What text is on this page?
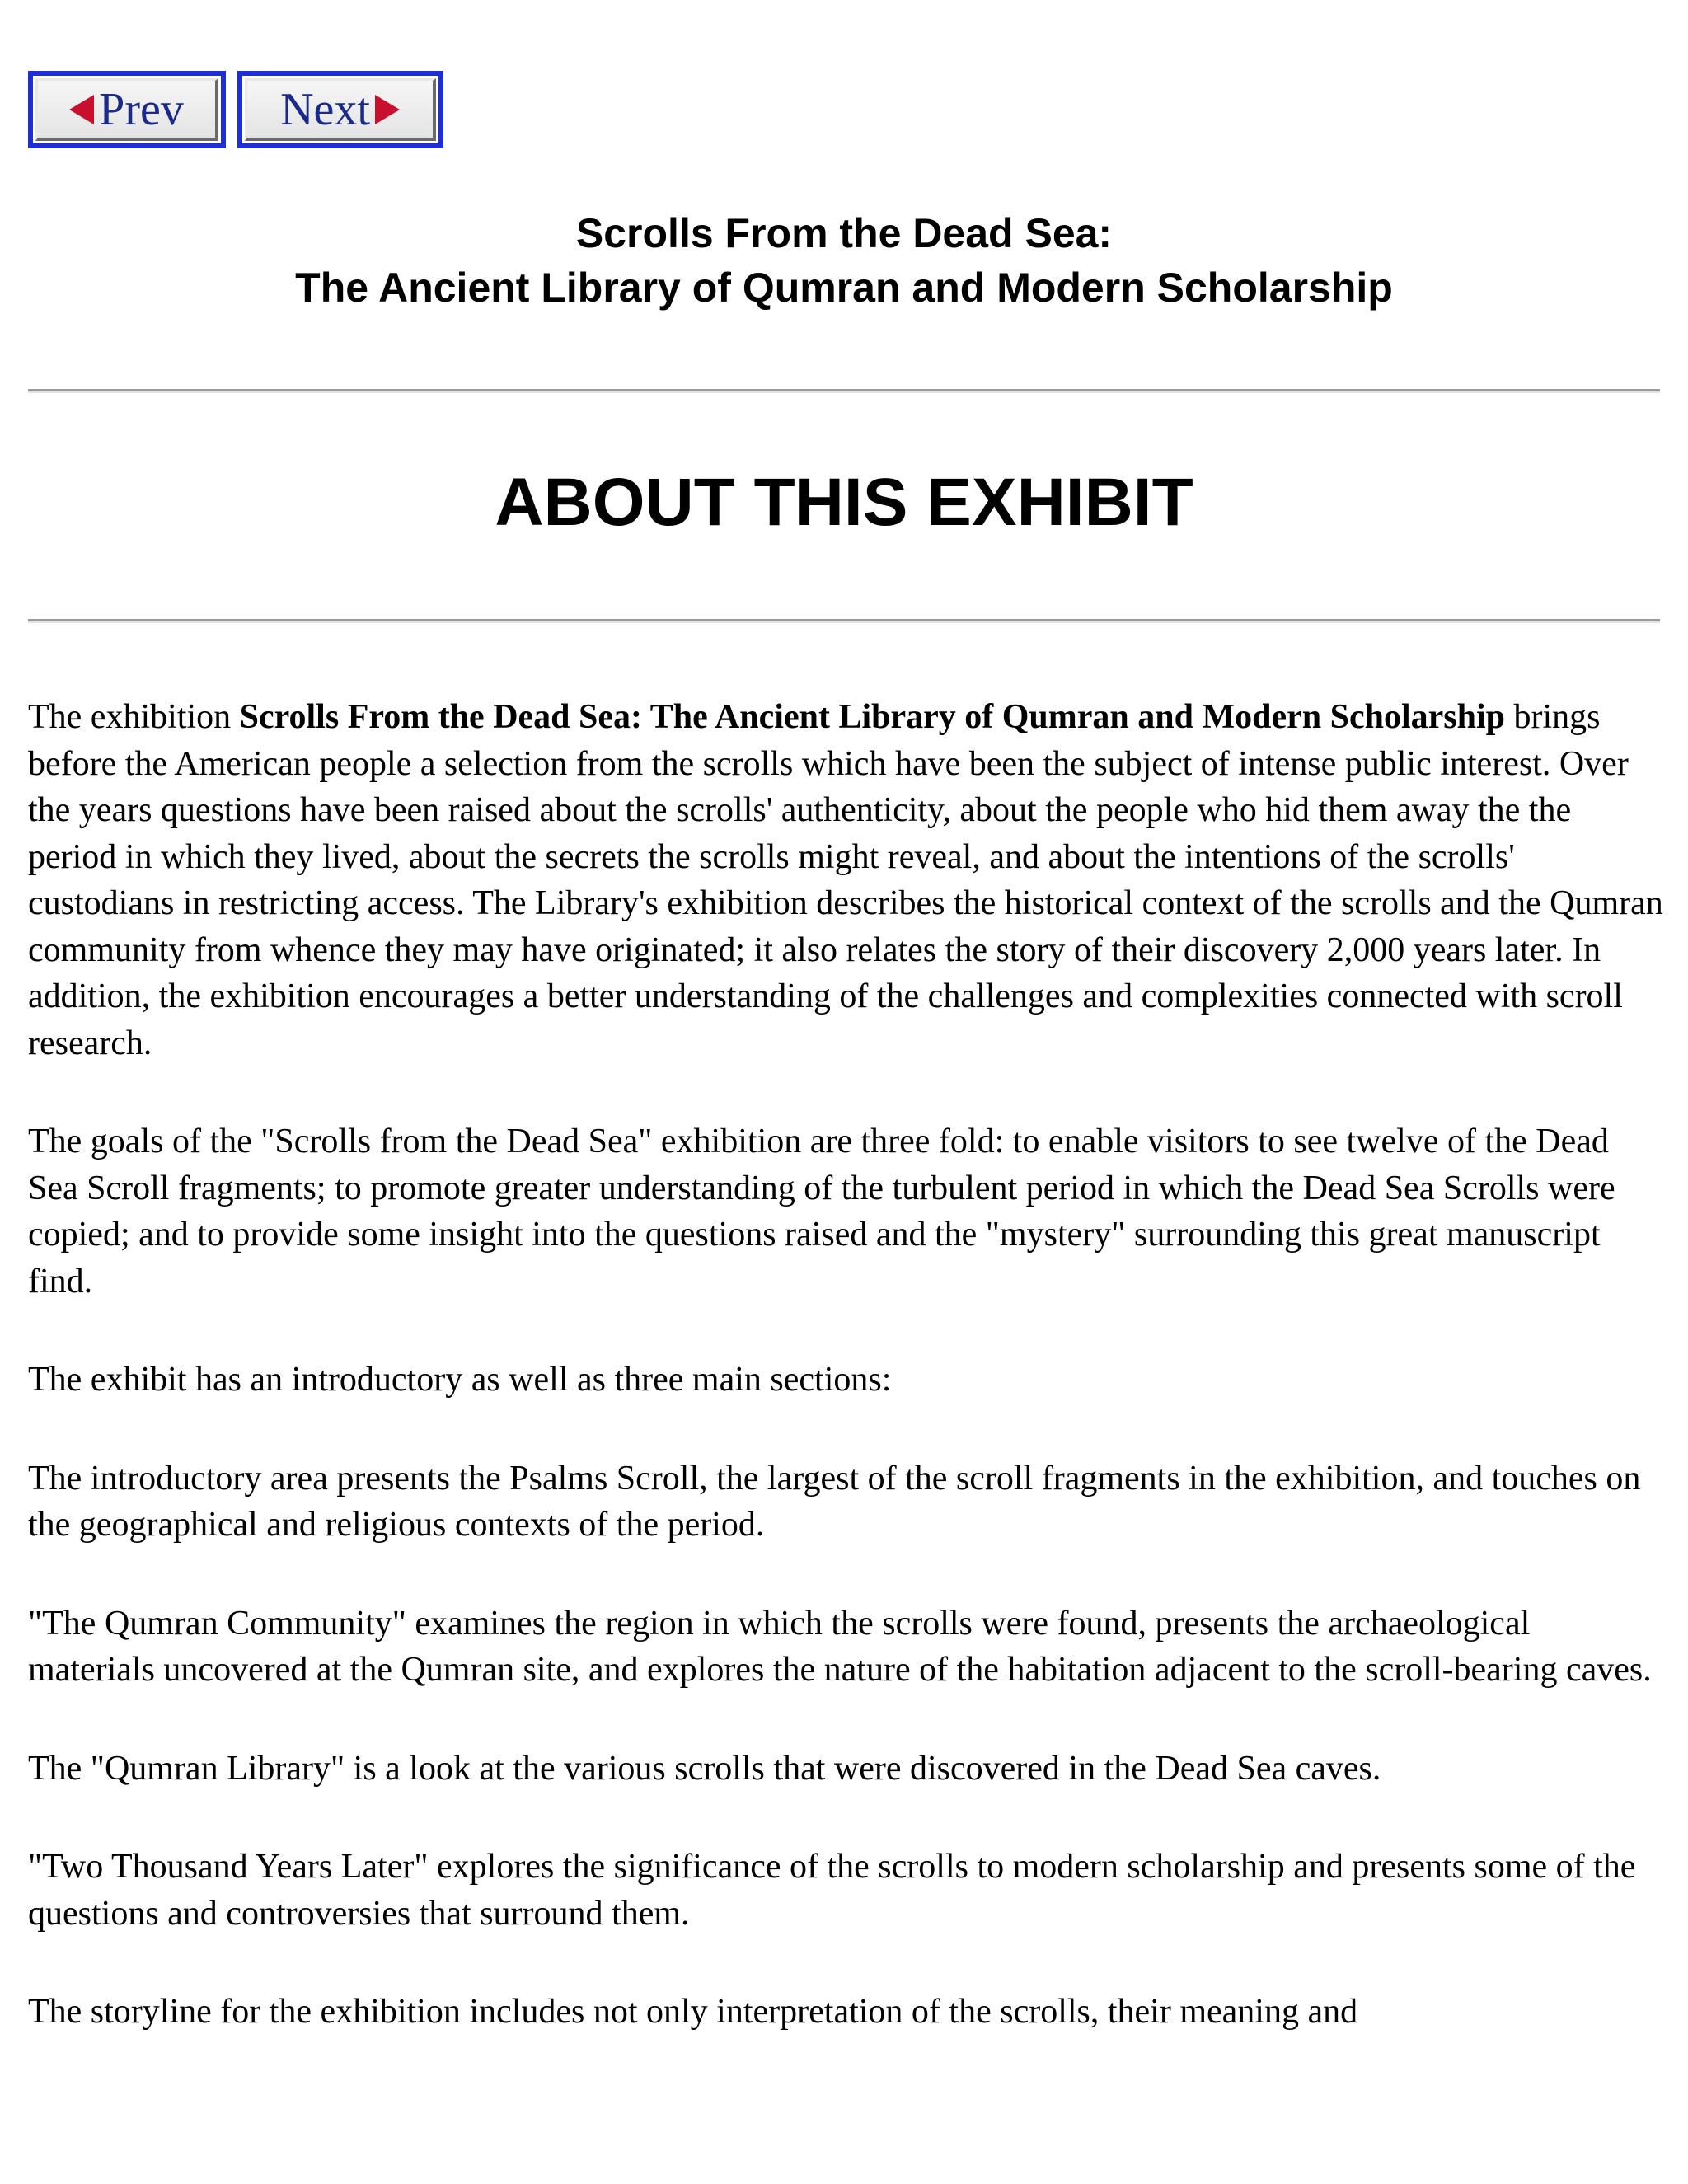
Prev Next
Scrolls From the Dead Sea:
The Ancient Library of Qumran and Modern Scholarship
ABOUT THIS EXHIBIT

The exhibition Scrolls From the Dead Sea: The Ancient Library of Qumran and Modern Scholarship brings before the American people a selection from the scrolls which have been the subject of intense public interest. Over the years questions have been raised about the scrolls' authenticity, about the people who hid them away the the period in which they lived, about the secrets the scrolls might reveal, and about the intentions of the scrolls' custodians in restricting access. The Library's exhibition describes the historical context of the scrolls and the Qumran community from whence they may have originated; it also relates the story of their discovery 2,000 years later. In addition, the exhibition encourages a better understanding of the challenges and complexities connected with scroll research.

The goals of the "Scrolls from the Dead Sea" exhibition are three fold: to enable visitors to see twelve of the Dead Sea Scroll fragments; to promote greater understanding of the turbulent period in which the Dead Sea Scrolls were copied; and to provide some insight into the questions raised and the "mystery" surrounding this great manuscript find.

The exhibit has an introductory as well as three main sections:

The introductory area presents the Psalms Scroll, the largest of the scroll fragments in the exhibition, and touches on the geographical and religious contexts of the period.

"The Qumran Community" examines the region in which the scrolls were found, presents the archaeological materials uncovered at the Qumran site, and explores the nature of the habitation adjacent to the scroll-bearing caves.

The "Qumran Library" is a look at the various scrolls that were discovered in the Dead Sea caves.

"Two Thousand Years Later" explores the significance of the scrolls to modern scholarship and presents some of the questions and controversies that surround them.

The storyline for the exhibition includes not only interpretation of the scrolls, their meaning and
